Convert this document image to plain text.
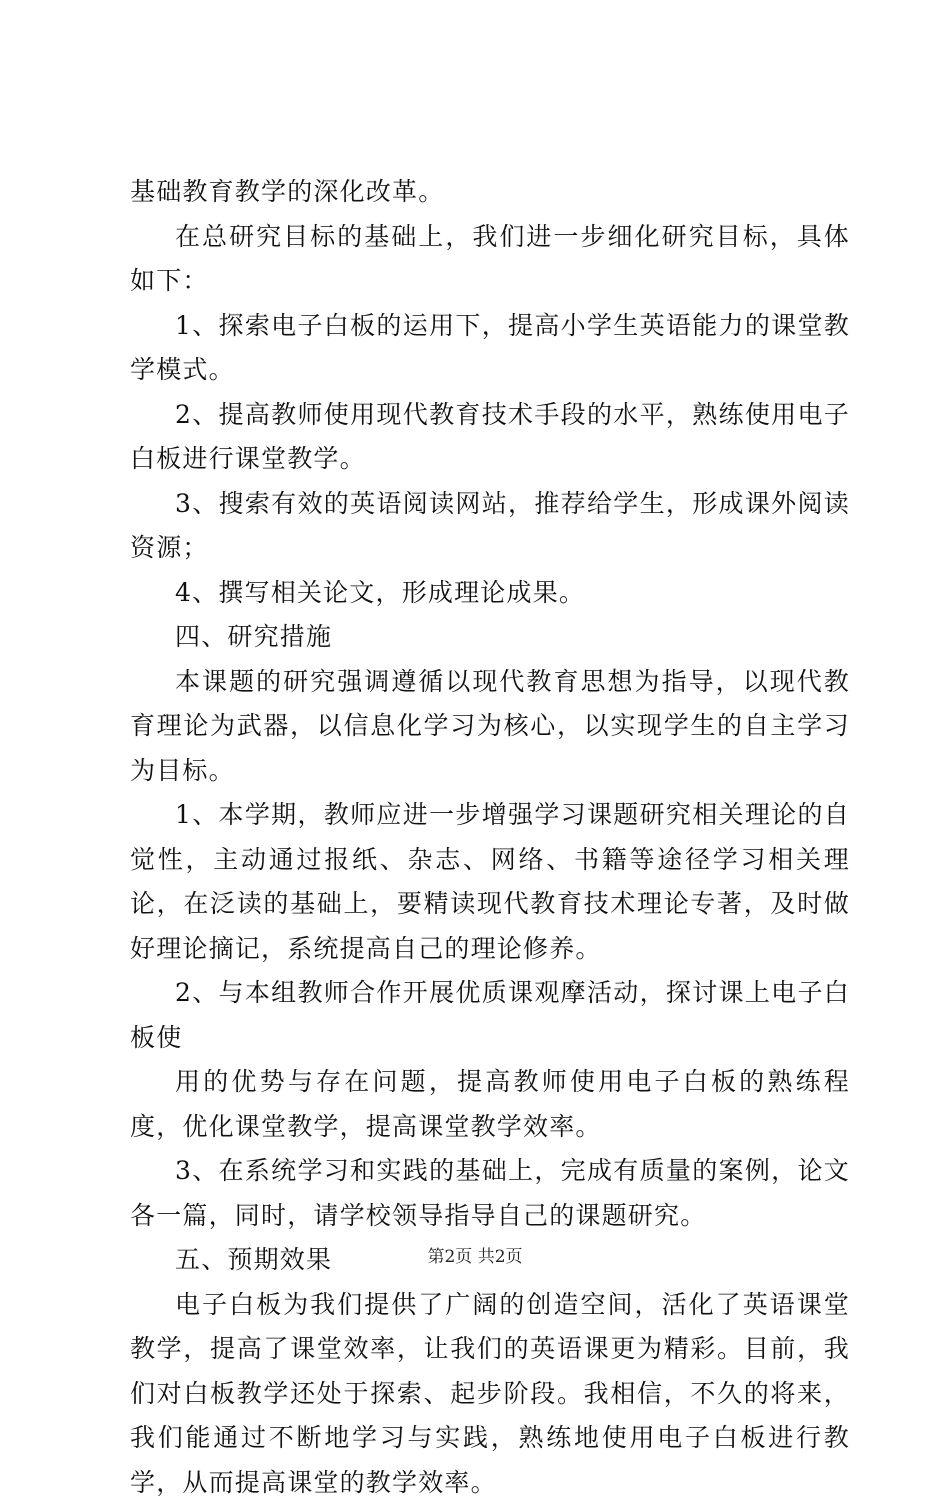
基础教育教学的深化改革。

在总研究目标的基础上，我们进一步细化研究目标，具体如下：

1、探索电子白板的运用下，提高小学生英语能力的课堂教学模式。

2、提高教师使用现代教育技术手段的水平，熟练使用电子白板进行课堂教学。

3、搜索有效的英语阅读网站，推荐给学生，形成课外阅读资源；

4、撰写相关论文，形成理论成果。

四、研究措施

本课题的研究强调遵循以现代教育思想为指导，以现代教育理论为武器，以信息化学习为核心，以实现学生的自主学习为目标。

1、本学期，教师应进一步增强学习课题研究相关理论的自觉性，主动通过报纸、杂志、网络、书籍等途径学习相关理论，在泛读的基础上，要精读现代教育技术理论专著，及时做好理论摘记，系统提高自己的理论修养。

2、与本组教师合作开展优质课观摩活动，探讨课上电子白板使

用的优势与存在问题，提高教师使用电子白板的熟练程度，优化课堂教学，提高课堂教学效率。

3、在系统学习和实践的基础上，完成有质量的案例，论文各一篇，同时，请学校领导指导自己的课题研究。

五、预期效果

电子白板为我们提供了广阔的创造空间，活化了英语课堂教学，提高了课堂效率，让我们的英语课更为精彩。目前，我们对白板教学还处于探索、起步阶段。我相信，不久的将来，我们能通过不断地学习与实践，熟练地使用电子白板进行教学，从而提高课堂的教学效率。

第2页 共2页
